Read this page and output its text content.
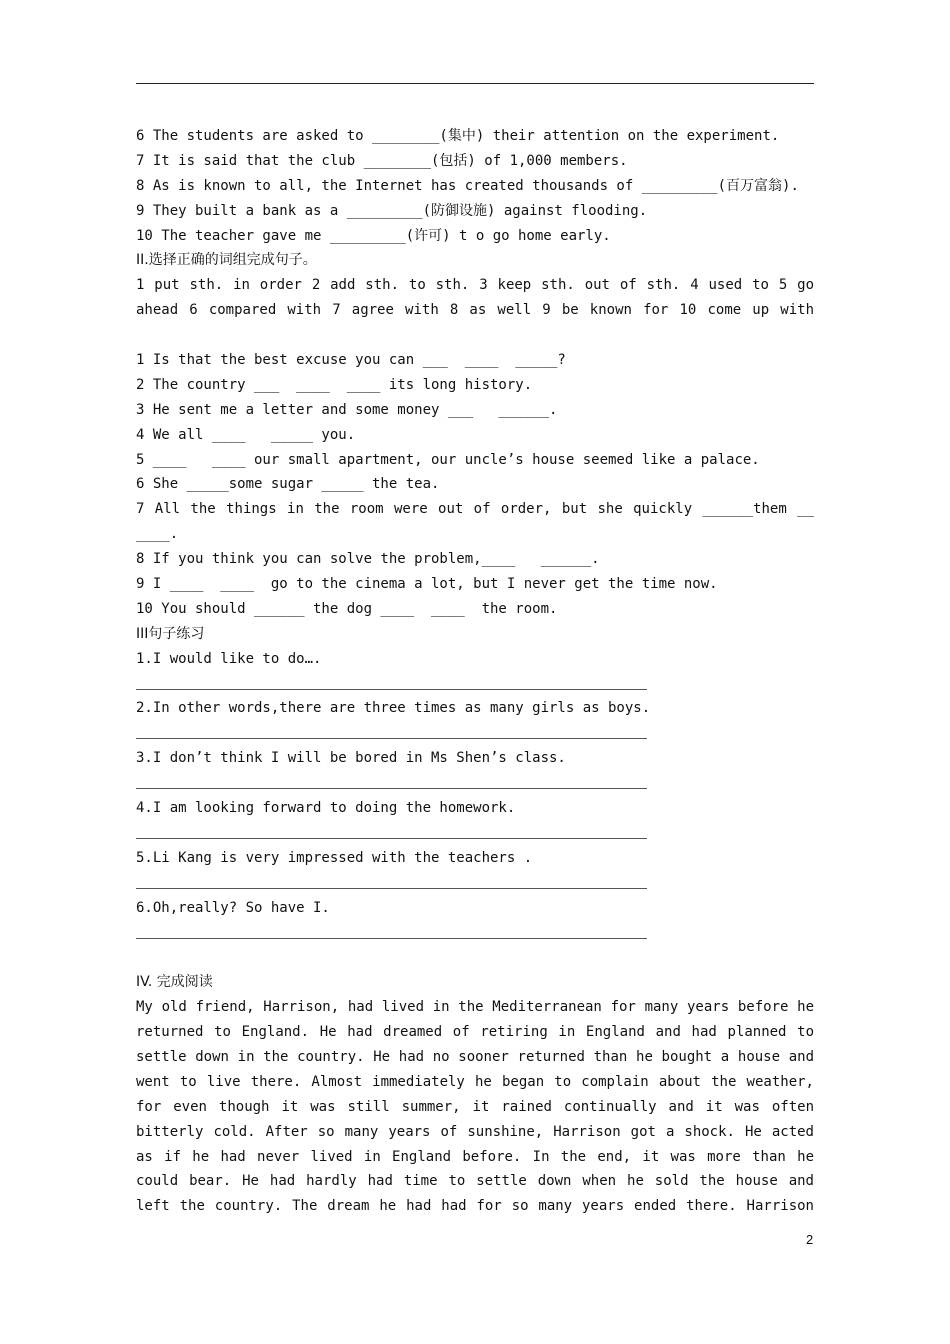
6 The students are asked to ________(集中) their attention on the experiment.
7 It is said that the club ________(包括) of 1,000 members.
8 As is known to all, the Internet has created thousands of _________(百万富翁).
9 They built a bank as a _________(防御设施) against flooding.
10 The teacher gave me _________(许可) t o go home early.
II.选择正确的词组完成句子。
1 put sth. in order 2 add sth. to sth. 3 keep sth. out of sth. 4 used to 5 go
ahead 6 compared with 7 agree with 8 as well 9 be known for 10 come up with
1 Is that the best excuse you can ___  ____  _____?
2 The country ___  ____  ____ its long history.
3 He sent me a letter and some money ___   ______.
4 We all ____   _____ you.
5 ____   ____ our small apartment, our uncle’s house seemed like a palace.
6 She _____some sugar _____ the tea.
7 All the things in the room were out of order, but she quickly ______them __
____.
8 If you think you can solve the problem,____   ______.
9 I ____  ____  go to the cinema a lot, but I never get the time now.
10 You should ______ the dog ____  ____  the room.
III句子练习
1.I would like to do….
2.In other words,there are three times as many girls as boys.
3.I don’t think I will be bored in Ms Shen’s class.
4.I am looking forward to doing the homework.
5.Li Kang is very impressed with the teachers .
6.Oh,really? So have I.
IV. 完成阅读
My old friend, Harrison, had lived in the Mediterranean for many years before he
returned to England. He had dreamed of retiring in England and had planned to
settle down in the country. He had no sooner returned than he bought a house and
went to live there. Almost immediately he began to complain about the weather,
for even though it was still summer, it rained continually and it was often
bitterly cold. After so many years of sunshine, Harrison got a shock. He acted
as if he had never lived in England before. In the end, it was more than he
could bear. He had hardly had time to settle down when he sold the house and
left the country. The dream he had had for so many years ended there. Harrison
2
